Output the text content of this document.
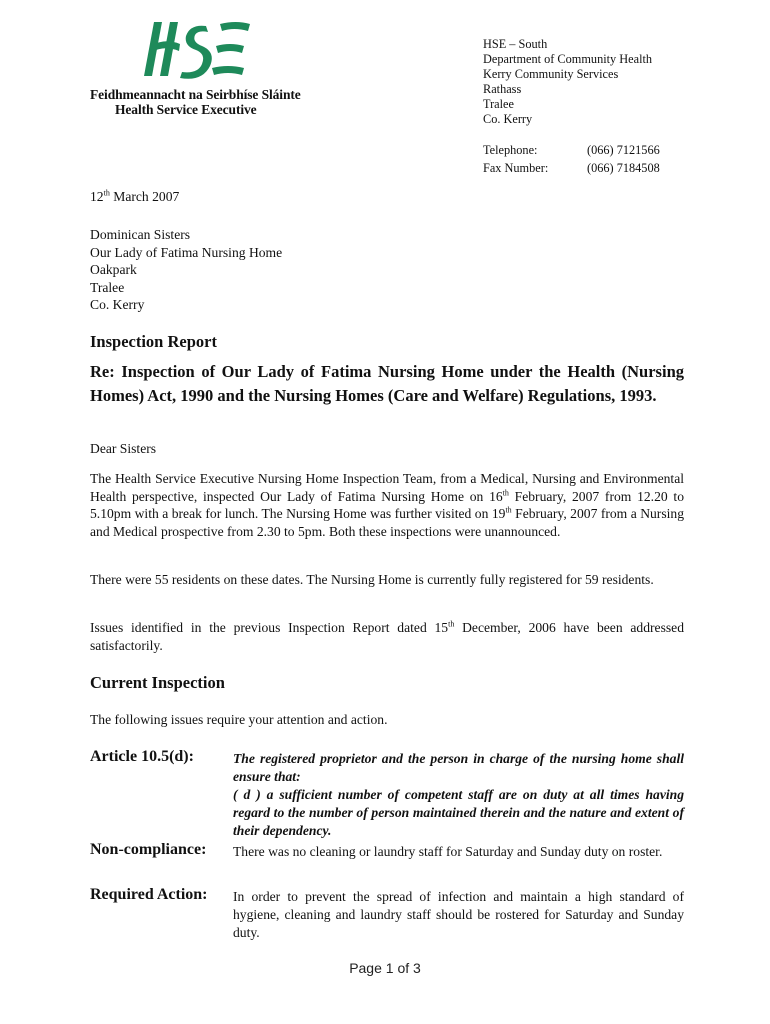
Feidhmeannacht na Seirbhíse Sláinte
Health Service Executive
HSE – South
Department of Community Health
Kerry Community Services
Rathass
Tralee
Co. Kerry
Telephone:	(066) 7121566
Fax Number:	(066) 7184508
12th March 2007
Dominican Sisters
Our Lady of Fatima Nursing Home
Oakpark
Tralee
Co. Kerry
Inspection Report
Re: Inspection of Our Lady of Fatima Nursing Home under the Health (Nursing Homes) Act, 1990 and the Nursing Homes (Care and Welfare) Regulations, 1993.
Dear Sisters
The Health Service Executive Nursing Home Inspection Team, from a Medical, Nursing and Environmental Health perspective, inspected Our Lady of Fatima Nursing Home on 16th February, 2007 from 12.20 to 5.10pm with a break for lunch. The Nursing Home was further visited on 19th February, 2007 from a Nursing and Medical prospective from 2.30 to 5pm. Both these inspections were unannounced.
There were 55 residents on these dates. The Nursing Home is currently fully registered for 59 residents.
Issues identified in the previous Inspection Report dated 15th December, 2006 have been addressed satisfactorily.
Current Inspection
The following issues require your attention and action.
Article 10.5(d):	The registered proprietor and the person in charge of the nursing home shall ensure that:
( d ) a sufficient number of competent staff are on duty at all times having regard to the number of person maintained therein and the nature and extent of their dependency.
Non-compliance: There was no cleaning or laundry staff for Saturday and Sunday duty on roster.
Required Action: In order to prevent the spread of infection and maintain a high standard of hygiene, cleaning and laundry staff should be rostered for Saturday and Sunday duty.
Page 1 of 3
